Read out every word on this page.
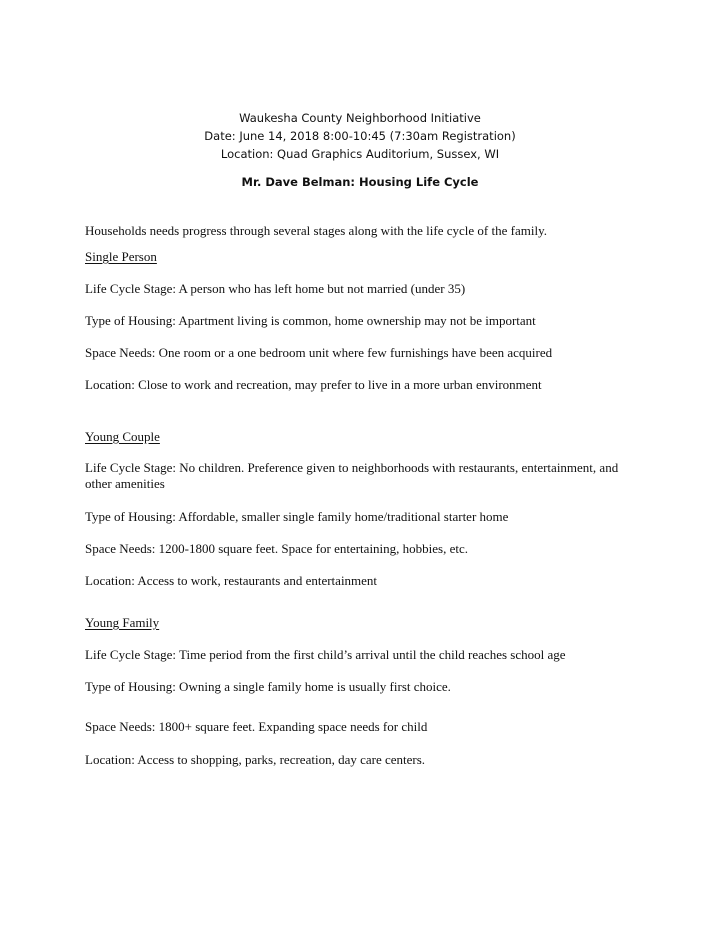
Waukesha County Neighborhood Initiative
Date: June 14, 2018 8:00-10:45 (7:30am Registration)
Location: Quad Graphics Auditorium, Sussex, WI
Mr. Dave Belman: Housing Life Cycle
Households needs progress through several stages along with the life cycle of the family.
Single Person
Life Cycle Stage: A person who has left home but not married (under 35)
Type of Housing: Apartment living is common, home ownership may not be important
Space Needs: One room or a one bedroom unit where few furnishings have been acquired
Location: Close to work and recreation, may prefer to live in a more urban environment
Young Couple
Life Cycle Stage: No children. Preference given to neighborhoods with restaurants, entertainment, and other amenities
Type of Housing: Affordable, smaller single family home/traditional starter home
Space Needs: 1200-1800 square feet. Space for entertaining, hobbies, etc.
Location: Access to work, restaurants and entertainment
Young Family
Life Cycle Stage: Time period from the first child’s arrival until the child reaches school age
Type of Housing: Owning a single family home is usually first choice.
Space Needs: 1800+ square feet. Expanding space needs for child
Location: Access to shopping, parks, recreation, day care centers.
